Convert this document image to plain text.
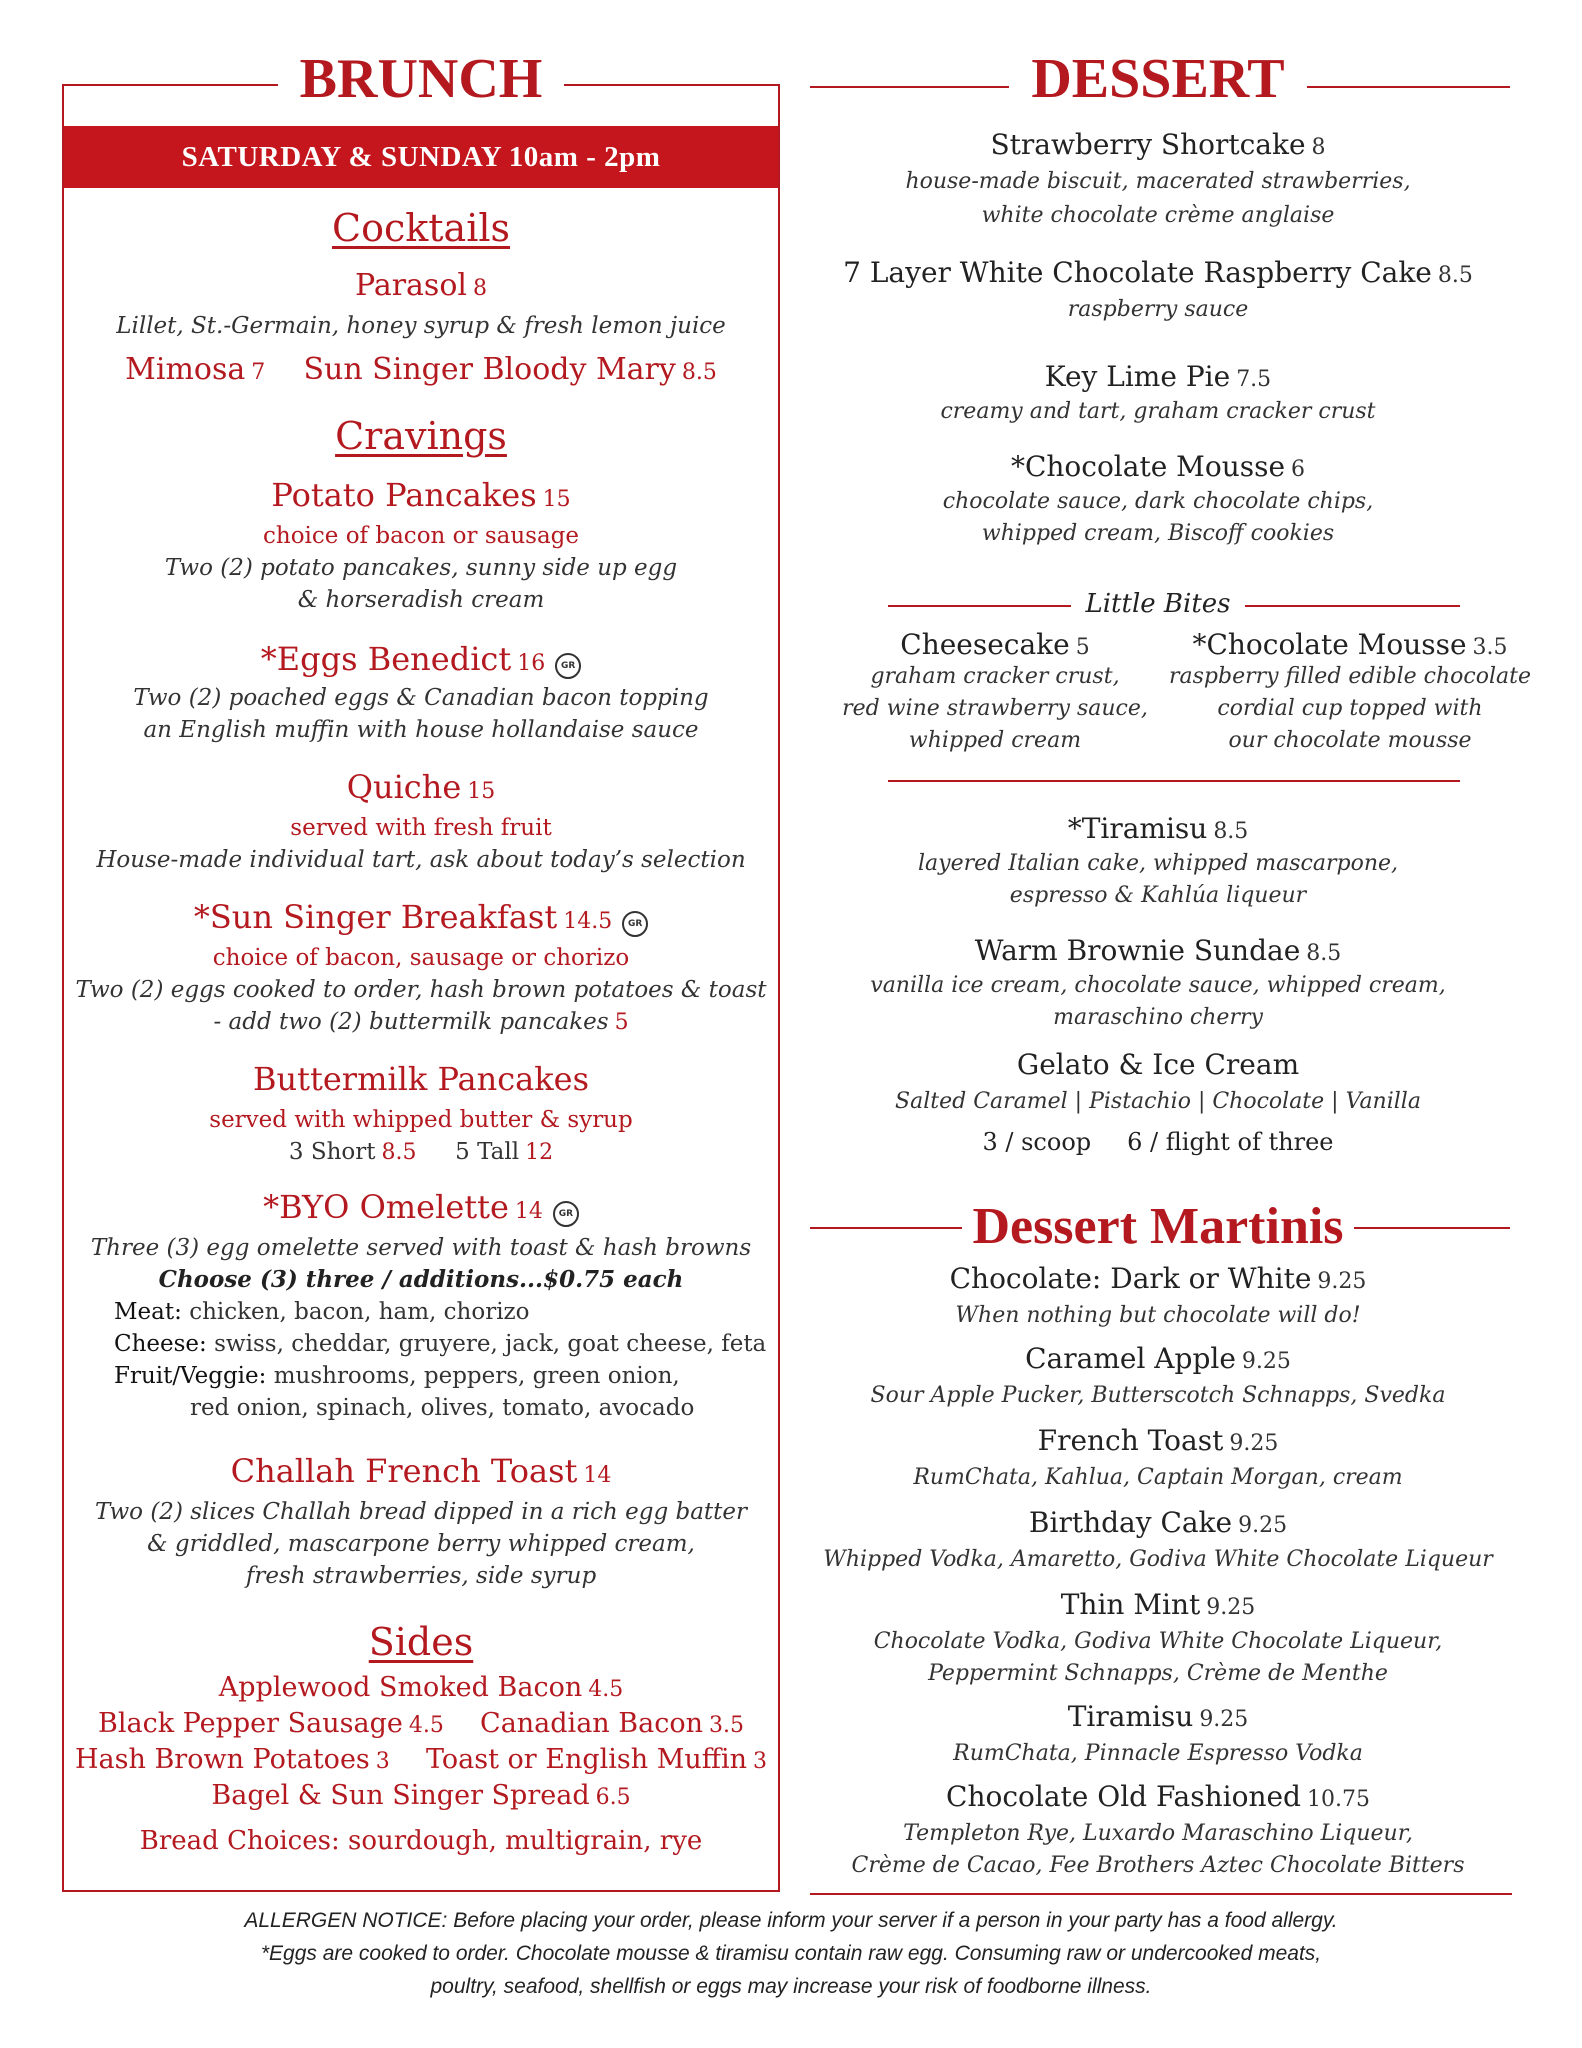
BRUNCH
SATURDAY & SUNDAY 10am - 2pm
Cocktails
Parasol 8
Lillet, St.-Germain, honey syrup & fresh lemon juice
Mimosa 7 Sun Singer Bloody Mary 8.5
Cravings
Potato Pancakes 15
choice of bacon or sausage
Two (2) potato pancakes, sunny side up egg
& horseradish cream
*Eggs Benedict 16 GR
Two (2) poached eggs & Canadian bacon topping
an English muffin with house hollandaise sauce
Quiche 15
served with fresh fruit
House-made individual tart, ask about today’s selection
*Sun Singer Breakfast 14.5 GR
choice of bacon, sausage or chorizo
Two (2) eggs cooked to order, hash brown potatoes & toast
- add two (2) buttermilk pancakes 5
Buttermilk Pancakes
served with whipped butter & syrup
3 Short 8.5 5 Tall 12
*BYO Omelette 14 GR
Three (3) egg omelette served with toast & hash browns
Choose (3) three / additions...$0.75 each
Meat: chicken, bacon, ham, chorizo
Cheese: swiss, cheddar, gruyere, jack, goat cheese, feta
Fruit/Veggie: mushrooms, peppers, green onion,
red onion, spinach, olives, tomato, avocado
Challah French Toast 14
Two (2) slices Challah bread dipped in a rich egg batter
& griddled, mascarpone berry whipped cream,
fresh strawberries, side syrup
Sides
Applewood Smoked Bacon 4.5
Black Pepper Sausage 4.5 Canadian Bacon 3.5
Hash Brown Potatoes 3 Toast or English Muffin 3
Bagel & Sun Singer Spread 6.5
Bread Choices: sourdough, multigrain, rye
DESSERT
Strawberry Shortcake 8
house-made biscuit, macerated strawberries,
white chocolate crème anglaise
7 Layer White Chocolate Raspberry Cake 8.5
raspberry sauce
Key Lime Pie 7.5
creamy and tart, graham cracker crust
*Chocolate Mousse 6
chocolate sauce, dark chocolate chips,
whipped cream, Biscoff cookies
Little Bites
Cheesecake 5
graham cracker crust,
red wine strawberry sauce,
whipped cream
*Chocolate Mousse 3.5
raspberry filled edible chocolate
cordial cup topped with
our chocolate mousse
*Tiramisu 8.5
layered Italian cake, whipped mascarpone,
espresso & Kahlúa liqueur
Warm Brownie Sundae 8.5
vanilla ice cream, chocolate sauce, whipped cream,
maraschino cherry
Gelato & Ice Cream
Salted Caramel | Pistachio | Chocolate | Vanilla
3 / scoop 6 / flight of three
Dessert Martinis
Chocolate: Dark or White 9.25
When nothing but chocolate will do!
Caramel Apple 9.25
Sour Apple Pucker, Butterscotch Schnapps, Svedka
French Toast 9.25
RumChata, Kahlua, Captain Morgan, cream
Birthday Cake 9.25
Whipped Vodka, Amaretto, Godiva White Chocolate Liqueur
Thin Mint 9.25
Chocolate Vodka, Godiva White Chocolate Liqueur,
Peppermint Schnapps, Crème de Menthe
Tiramisu 9.25
RumChata, Pinnacle Espresso Vodka
Chocolate Old Fashioned 10.75
Templeton Rye, Luxardo Maraschino Liqueur,
Crème de Cacao, Fee Brothers Aztec Chocolate Bitters
ALLERGEN NOTICE: Before placing your order, please inform your server if a person in your party has a food allergy.
*Eggs are cooked to order. Chocolate mousse & tiramisu contain raw egg. Consuming raw or undercooked meats,
poultry, seafood, shellfish or eggs may increase your risk of foodborne illness.
